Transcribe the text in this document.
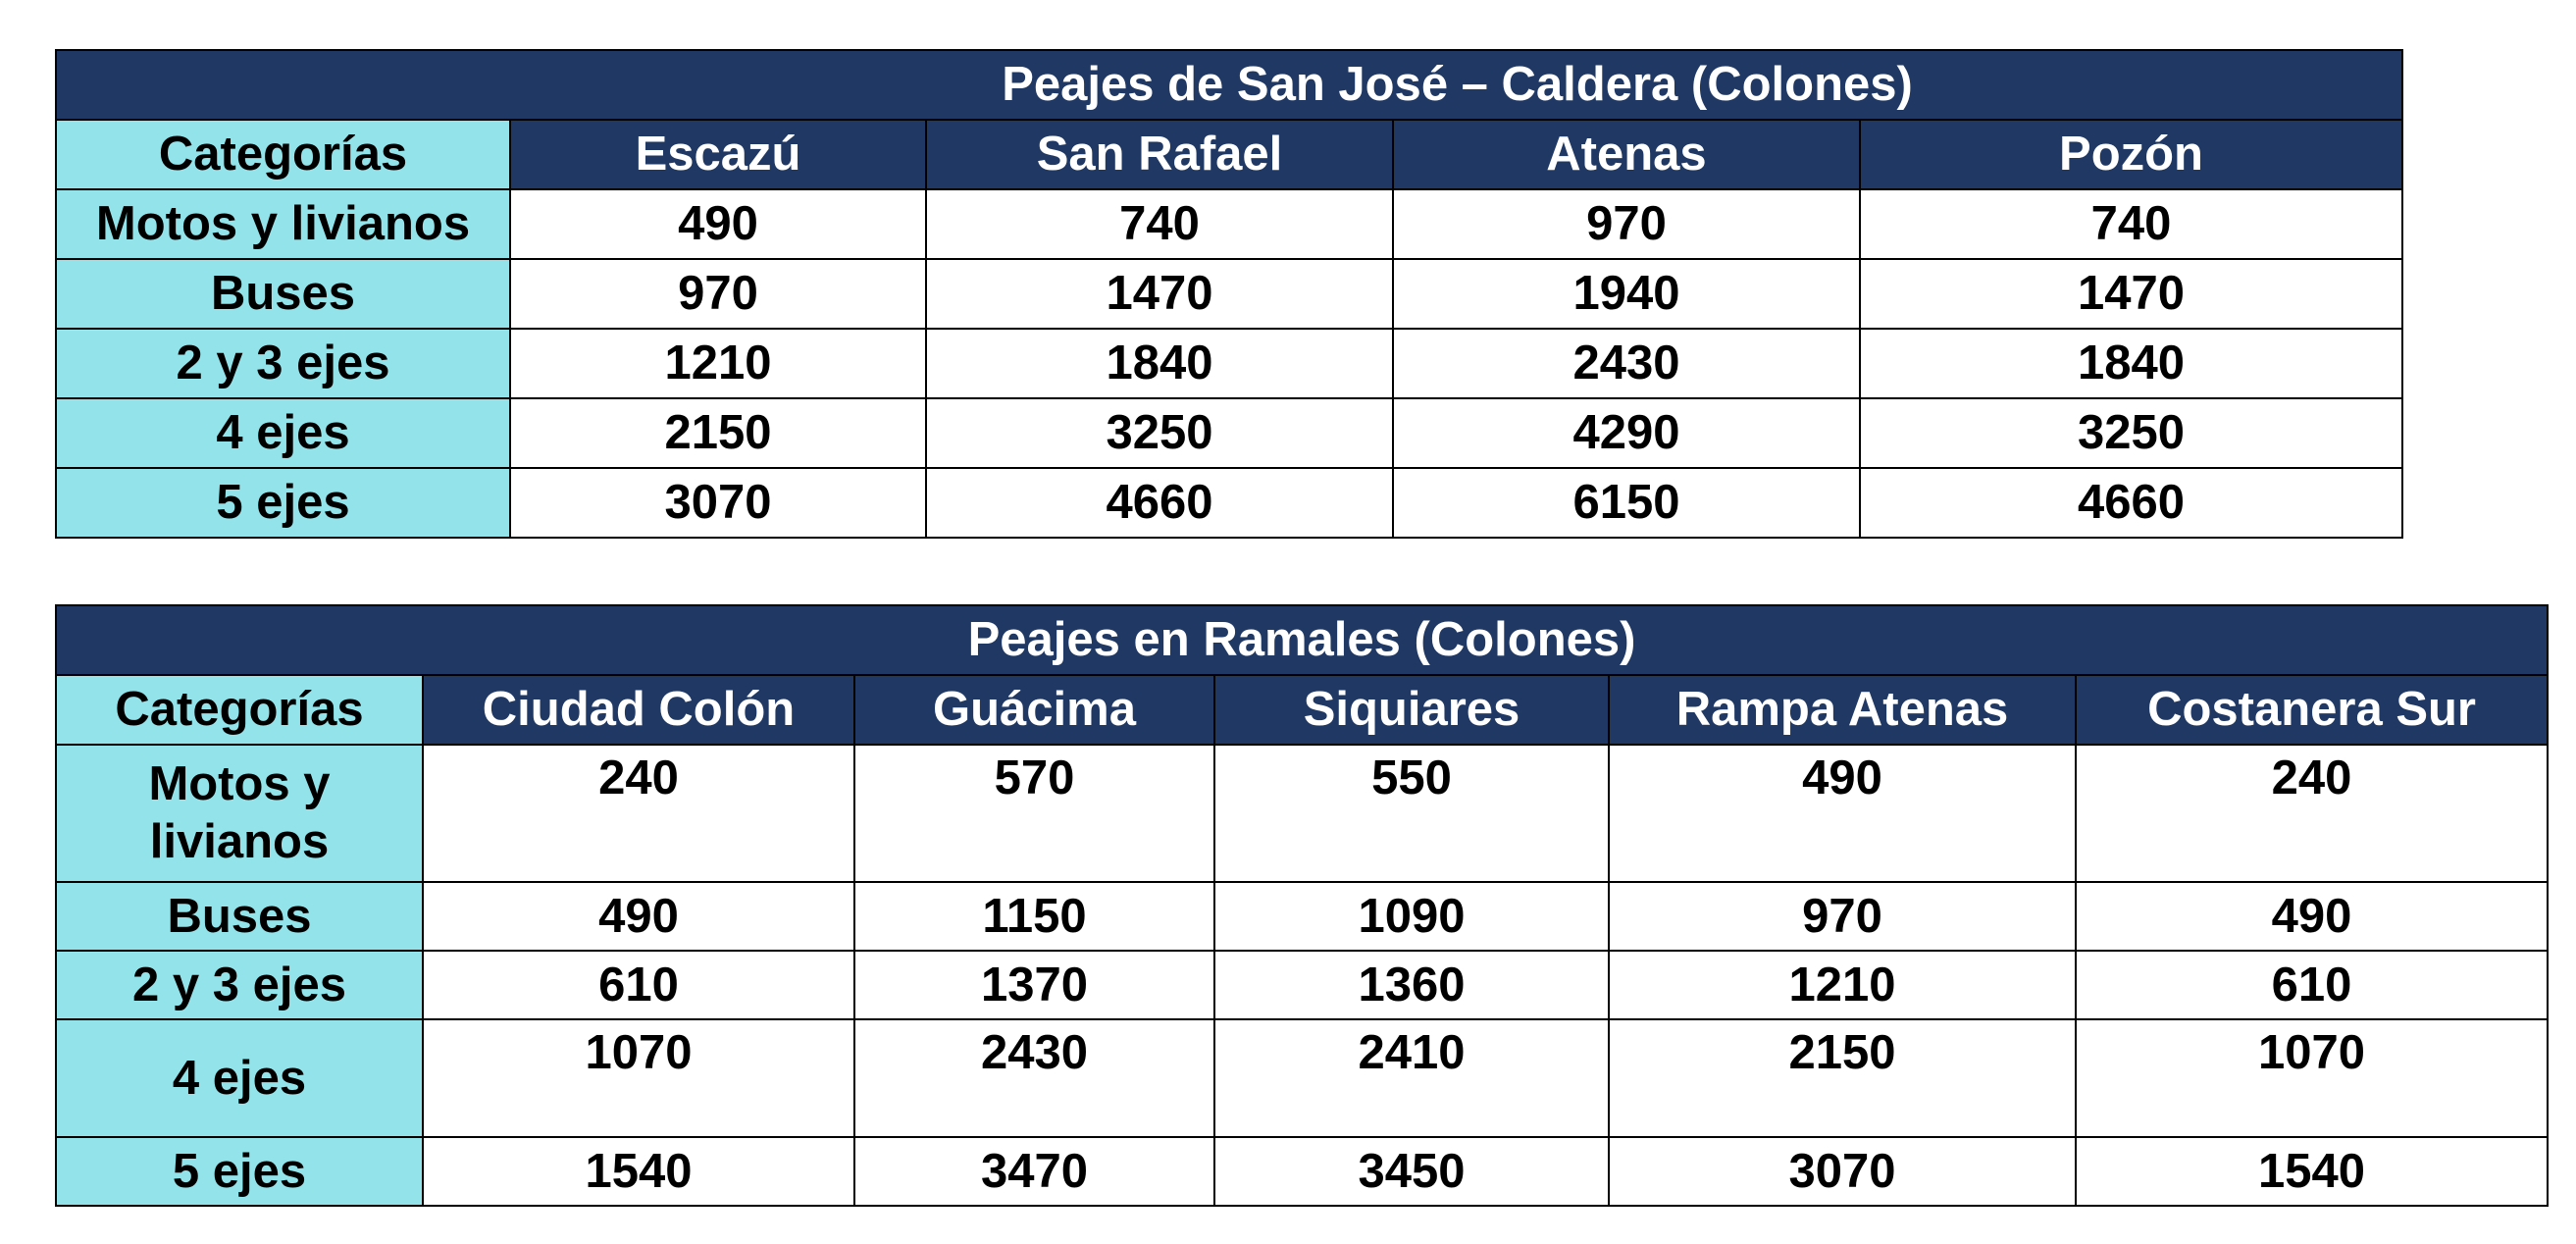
Peajes de San José – Caldera (Colones)				
Categorías	Escazú	San Rafael	Atenas	Pozón
Motos y livianos	490	740	970	740
Buses	970	1470	1940	1470
2 y 3 ejes	1210	1840	2430	1840
4 ejes	2150	3250	4290	3250
5 ejes	3070	4660	6150	4660
Peajes en Ramales (Colones)					
Categorías	Ciudad Colón	Guácima	Siquiares	Rampa Atenas	Costanera Sur
Motos y livianos	240	570	550	490	240
Buses	490	1150	1090	970	490
2 y 3 ejes	610	1370	1360	1210	610
4 ejes	1070	2430	2410	2150	1070
5 ejes	1540	3470	3450	3070	1540
